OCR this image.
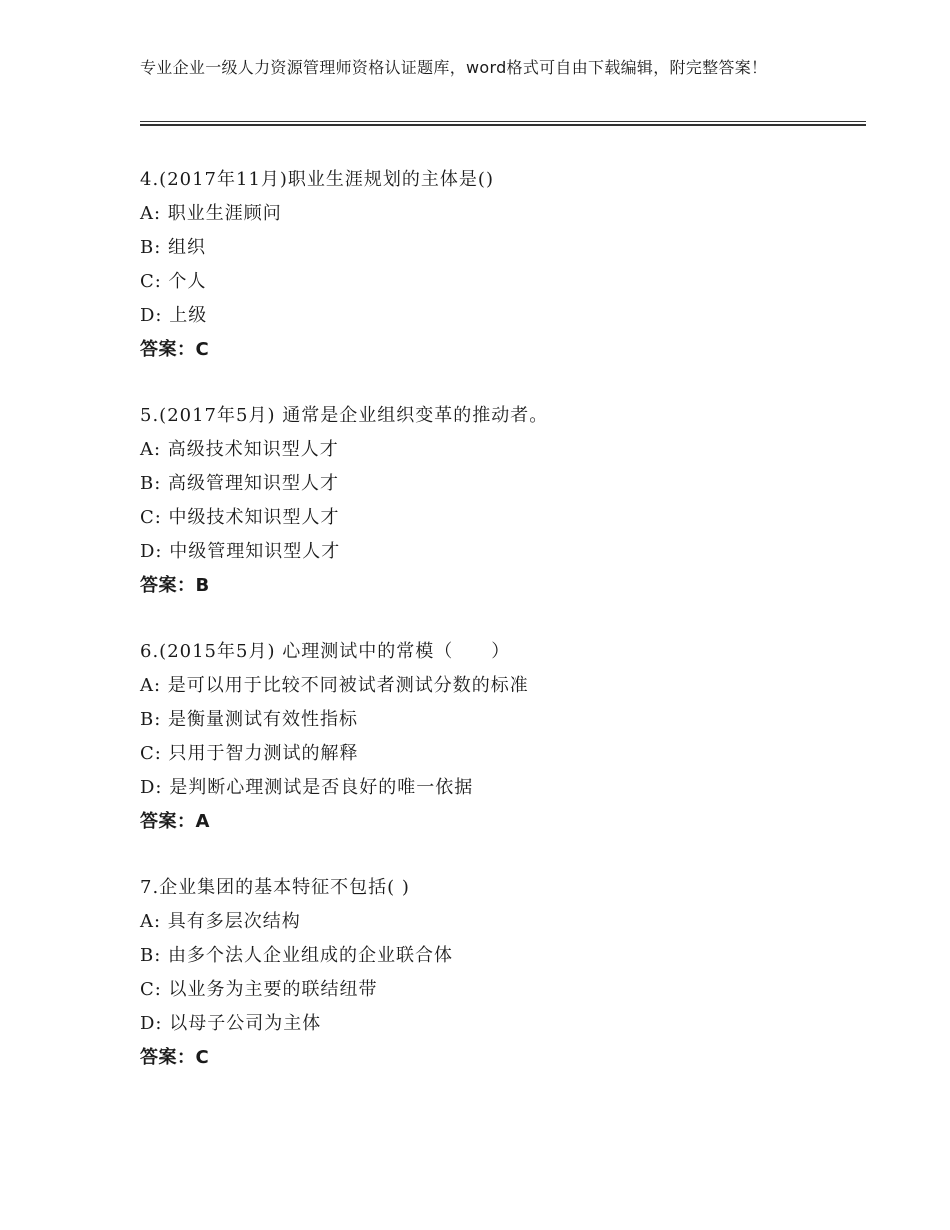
专业企业一级人力资源管理师资格认证题库，word格式可自由下载编辑，附完整答案！
4.(2017年11月)职业生涯规划的主体是()
A: 职业生涯顾问
B: 组织
C: 个人
D: 上级
答案：C
5.(2017年5月) 通常是企业组织变革的推动者。
A: 高级技术知识型人才
B: 高级管理知识型人才
C: 中级技术知识型人才
D: 中级管理知识型人才
答案：B
6.(2015年5月) 心理测试中的常模（　　）
A: 是可以用于比较不同被试者测试分数的标准
B: 是衡量测试有效性指标
C: 只用于智力测试的解释
D: 是判断心理测试是否良好的唯一依据
答案：A
7.企业集团的基本特征不包括( )
A: 具有多层次结构
B: 由多个法人企业组成的企业联合体
C: 以业务为主要的联结纽带
D: 以母子公司为主体
答案：C
